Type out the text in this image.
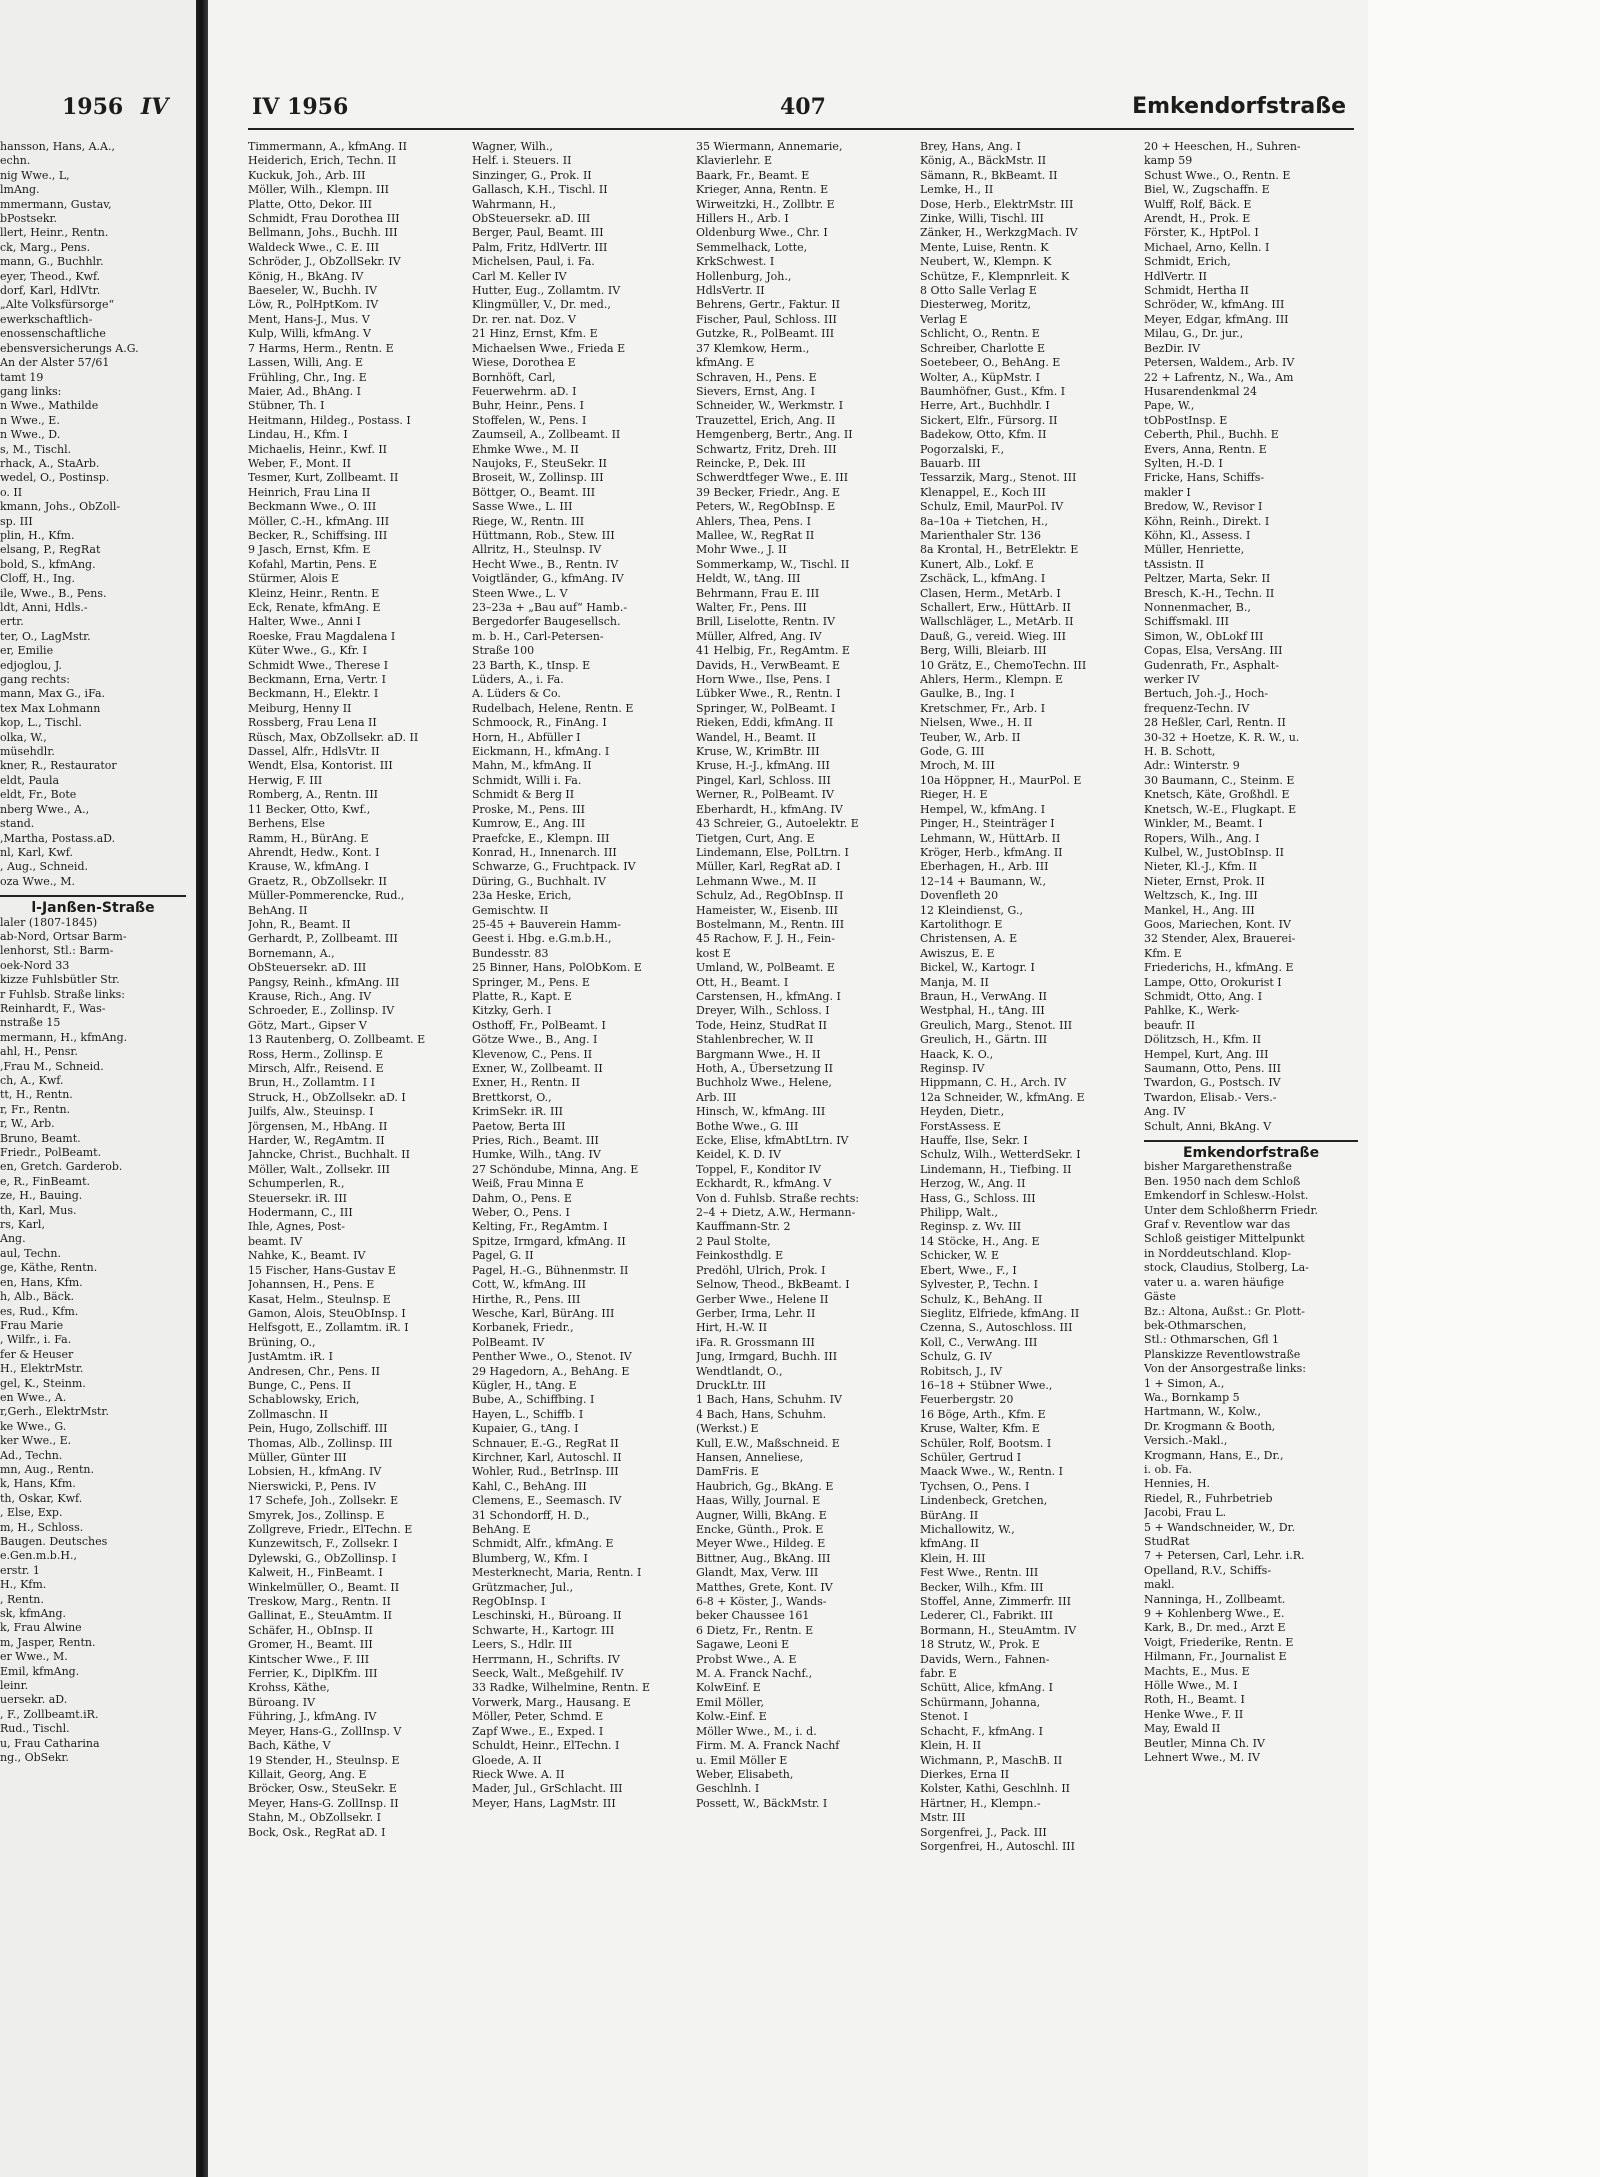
1956 IV
hansson, Hans, A.A.,
echn.
nig Wwe., L,
lmAng.
mmermann, Gustav,
bPostsekr.
llert, Heinr., Rentn.
ck, Marg., Pens.
mann, G., Buchhlr.
eyer, Theod., Kwf.
dorf, Karl, HdlVtr.
„Alte Volksfürsorge“
ewerkschaftlich-
enossenschaftliche
ebensversicherungs A.G.
An der Alster 57/61
tamt 19
gang links:
n Wwe., Mathilde
n Wwe., E.
n Wwe., D.
s, M., Tischl.
rhack, A., StaArb.
wedel, O., Postinsp.
o. II
kmann, Johs., ObZoll-
sp. III
plin, H., Kfm.
elsang, P., RegRat
bold, S., kfmAng.
Cloff, H., Ing.
ile, Wwe., B., Pens.
ldt, Anni, Hdls.-
ertr.
ter, O., LagMstr.
er, Emilie
edjoglou, J.
gang rechts:
mann, Max G., iFa.
tex Max Lohmann
kop, L., Tischl.
olka, W.,
müsehdlr.
kner, R., Restaurator
eldt, Paula
eldt, Fr., Bote
nberg Wwe., A.,
stand.
,Martha, Postass.aD.
nl, Karl, Kwf.
, Aug., Schneid.
oza Wwe., M.
l-Janßen-Straße
laler (1807-1845)
ab-Nord, Ortsar Barm-
lenhorst, Stl.: Barm-
oek-Nord 33
kizze Fuhlsbütler Str.
r Fuhlsb. Straße links:
Reinhardt, F., Was-
nstraße 15
mermann, H., kfmAng.
ahl, H., Pensr.
,Frau M., Schneid.
ch, A., Kwf.
tt, H., Rentn.
r, Fr., Rentn.
r, W., Arb.
Bruno, Beamt.
Friedr., PolBeamt.
en, Gretch. Garderob.
e, R., FinBeamt.
ze, H., Bauing.
th, Karl, Mus.
rs, Karl,
Ang.
aul, Techn.
ge, Käthe, Rentn.
en, Hans, Kfm.
h, Alb., Bäck.
es, Rud., Kfm.
Frau Marie
, Wilfr., i. Fa.
fer & Heuser
H., ElektrMstr.
gel, K., Steinm.
en Wwe., A.
r,Gerh., ElektrMstr.
ke Wwe., G.
ker Wwe., E.
Ad., Techn.
mn, Aug., Rentn.
k, Hans, Kfm.
th, Oskar, Kwf.
, Else, Exp.
m, H., Schloss.
Baugen. Deutsches
e.Gen.m.b.H.,
erstr. 1
H., Kfm.
, Rentn.
sk, kfmAng.
k, Frau Alwine
m, Jasper, Rentn.
er Wwe., M.
Emil, kfmAng.
leinr.
uersekr. aD.
, F., Zollbeamt.iR.
Rud., Tischl.
u, Frau Catharina
ng., ObSekr.
IV 1956	407	Emkendorfstraße
Timmermann, A., kfmAng. II
Heiderich, Erich, Techn. II
Kuckuk, Joh., Arb. III
Möller, Wilh., Klempn. III
Platte, Otto, Dekor. III
Schmidt, Frau Dorothea III
Bellmann, Johs., Buchh. III
Waldeck Wwe., C. E. III
Schröder, J., ObZollSekr. IV
König, H., BkAng. IV
Baeseler, W., Buchh. IV
Löw, R., PolHptKom. IV
Ment, Hans-J., Mus. V
Kulp, Willi, kfmAng. V
7 Harms, Herm., Rentn. E
Lassen, Willi, Ang. E
Frühling, Chr., Ing. E
Maier, Ad., BhAng. I
Stübner, Th. I
Heitmann, Hildeg., Postass. I
Lindau, H., Kfm. I
Michaelis, Heinr., Kwf. II
Weber, F., Mont. II
Tesmer, Kurt, Zollbeamt. II
Heinrich, Frau Lina II
Beckmann Wwe., O. III
Möller, C.-H., kfmAng. III
Becker, R., Schiffsing. III
9 Jasch, Ernst, Kfm. E
Kofahl, Martin, Pens. E
Stürmer, Alois E
Kleinz, Heinr., Rentn. E
Eck, Renate, kfmAng. E
Halter, Wwe., Anni I
Roeske, Frau Magdalena I
Küter Wwe., G., Kfr. I
Schmidt Wwe., Therese I
Beckmann, Erna, Vertr. I
Beckmann, H., Elektr. I
Meiburg, Henny II
Rossberg, Frau Lena II
Rüsch, Max, ObZollsekr. aD. II
Dassel, Alfr., HdlsVtr. II
Wendt, Elsa, Kontorist. III
Herwig, F. III
Romberg, A., Rentn. III
11 Becker, Otto, Kwf.,
Berhens, Else
Ramm, H., BürAng. E
Ahrendt, Hedw., Kont. I
Krause, W., kfmAng. I
Graetz, R., ObZollsekr. II
Müller-Pommerencke, Rud.,
BehAng. II
John, R., Beamt. II
Gerhardt, P., Zollbeamt. III
Bornemann, A.,
ObSteuersekr. aD. III
Pangsy, Reinh., kfmAng. III
Krause, Rich., Ang. IV
Schroeder, E., Zollinsp. IV
Götz, Mart., Gipser V
13 Rautenberg, O. Zollbeamt. E
Ross, Herm., Zollinsp. E
Mirsch, Alfr., Reisend. E
Brun, H., Zollamtm. I I
Struck, H., ObZollsekr. aD. I
Juilfs, Alw., Steuinsp. I
Jörgensen, M., HbAng. II
Harder, W., RegAmtm. II
Jahncke, Christ., Buchhalt. II
Möller, Walt., Zollsekr. III
Schumperlen, R.,
Steuersekr. iR. III
Hodermann, C., III
Ihle, Agnes, Post-
beamt. IV
Nahke, K., Beamt. IV
15 Fischer, Hans-Gustav E
Johannsen, H., Pens. E
Kasat, Helm., Steulnsp. E
Gamon, Alois, SteuObInsp. I
Helfsgott, E., Zollamtm. iR. I
Brüning, O.,
JustAmtm. iR. I
Andresen, Chr., Pens. II
Bunge, C., Pens. II
Schablowsky, Erich,
Zollmaschn. II
Pein, Hugo, Zollschiff. III
Thomas, Alb., Zollinsp. III
Müller, Günter III
Lobsien, H., kfmAng. IV
Nierswicki, P., Pens. IV
17 Schefe, Joh., Zollsekr. E
Smyrek, Jos., Zollinsp. E
Zollgreve, Friedr., ElTechn. E
Kunzewitsch, F., Zollsekr. I
Dylewski, G., ObZollinsp. I
Kalweit, H., FinBeamt. I
Winkelmüller, O., Beamt. II
Treskow, Marg., Rentn. II
Gallinat, E., SteuAmtm. II
Schäfer, H., ObInsp. II
Gromer, H., Beamt. III
Kintscher Wwe., F. III
Ferrier, K., DiplKfm. III
Krohss, Käthe,
Büroang. IV
Führing, J., kfmAng. IV
Meyer, Hans-G., ZollInsp. V
Bach, Käthe, V
19 Stender, H., Steulnsp. E
Killait, Georg, Ang. E
Bröcker, Osw., SteuSekr. E
Meyer, Hans-G. ZollInsp. II
Stahn, M., ObZollsekr. I
Bock, Osk., RegRat aD. I
Wagner, Wilh.,
Helf. i. Steuers. II
Sinzinger, G., Prok. II
Gallasch, K.H., Tischl. II
Wahrmann, H.,
ObSteuersekr. aD. III
Berger, Paul, Beamt. III
Palm, Fritz, HdlVertr. III
Michelsen, Paul, i. Fa.
Carl M. Keller IV
Hutter, Eug., Zollamtm. IV
Klingmüller, V., Dr. med.,
Dr. rer. nat. Doz. V
21 Hinz, Ernst, Kfm. E
Michaelsen Wwe., Frieda E
Wiese, Dorothea E
Bornhöft, Carl,
Feuerwehrm. aD. I
Buhr, Heinr., Pens. I
Stoffelen, W., Pens. I
Zaumseil, A., Zollbeamt. II
Ehmke Wwe., M. II
Naujoks, F., SteuSekr. II
Broseit, W., Zollinsp. III
Böttger, O., Beamt. III
Sasse Wwe., L. III
Riege, W., Rentn. III
Hüttmann, Rob., Stew. III
Allritz, H., Steulnsp. IV
Hecht Wwe., B., Rentn. IV
Voigtländer, G., kfmAng. IV
Steen Wwe., L. V
23–23a + „Bau auf“ Hamb.-
Bergedorfer Baugesellsch.
m. b. H., Carl-Petersen-
Straße 100
23 Barth, K., tInsp. E
Lüders, A., i. Fa.
A. Lüders & Co.
Rudelbach, Helene, Rentn. E
Schmoock, R., FinAng. I
Horn, H., Abfüller I
Eickmann, H., kfmAng. I
Mahn, M., kfmAng. II
Schmidt, Willi i. Fa.
Schmidt & Berg II
Proske, M., Pens. III
Kumrow, E., Ang. III
Praefcke, E., Klempn. III
Konrad, H., Innenarch. III
Schwarze, G., Fruchtpack. IV
Düring, G., Buchhalt. IV
23a Heske, Erich,
Gemischtw. II
25-45 + Bauverein Hamm-
Geest i. Hbg. e.G.m.b.H.,
Bundesstr. 83
25 Binner, Hans, PolObKom. E
Springer, M., Pens. E
Platte, R., Kapt. E
Kitzky, Gerh. I
Osthoff, Fr., PolBeamt. I
Götze Wwe., B., Ang. I
Klevenow, C., Pens. II
Exner, W., Zollbeamt. II
Exner, H., Rentn. II
Brettkorst, O.,
KrimSekr. iR. III
Paetow, Berta III
Pries, Rich., Beamt. III
Humke, Wilh., tAng. IV
27 Schöndube, Minna, Ang. E
Weiß, Frau Minna E
Dahm, O., Pens. E
Weber, O., Pens. I
Kelting, Fr., RegAmtm. I
Spitze, Irmgard, kfmAng. II
Pagel, G. II
Pagel, H.-G., Bühnenmstr. II
Cott, W., kfmAng. III
Hirthe, R., Pens. III
Wesche, Karl, BürAng. III
Korbanek, Friedr.,
PolBeamt. IV
Penther Wwe., O., Stenot. IV
29 Hagedorn, A., BehAng. E
Kügler, H., tAng. E
Bube, A., Schiffbing. I
Hayen, L., Schiffb. I
Kupaier, G., tAng. I
Schnauer, E.-G., RegRat II
Kirchner, Karl, Autoschl. II
Wohler, Rud., BetrInsp. III
Kahl, C., BehAng. III
Clemens, E., Seemasch. IV
31 Schondorff, H. D.,
BehAng. E
Schmidt, Alfr., kfmAng. E
Blumberg, W., Kfm. I
Mesterknecht, Maria, Rentn. I
Grützmacher, Jul.,
RegObInsp. I
Leschinski, H., Büroang. II
Schwarte, H., Kartogr. III
Leers, S., Hdlr. III
Herrmann, H., Schrifts. IV
Seeck, Walt., Meßgehilf. IV
33 Radke, Wilhelmine, Rentn. E
Vorwerk, Marg., Hausang. E
Möller, Peter, Schmd. E
Zapf Wwe., E., Exped. I
Schuldt, Heinr., ElTechn. I
Gloede, A. II
Rieck Wwe. A. II
Mader, Jul., GrSchlacht. III
Meyer, Hans, LagMstr. III
35 Wiermann, Annemarie,
Klavierlehr. E
Baark, Fr., Beamt. E
Krieger, Anna, Rentn. E
Wirweitzki, H., Zollbtr. E
Hillers H., Arb. I
Oldenburg Wwe., Chr. I
Semmelhack, Lotte,
KrkSchwest. I
Hollenburg, Joh.,
HdlsVertr. II
Behrens, Gertr., Faktur. II
Fischer, Paul, Schloss. III
Gutzke, R., PolBeamt. III
37 Klemkow, Herm.,
kfmAng. E
Schraven, H., Pens. E
Sievers, Ernst, Ang. I
Schneider, W., Werkmstr. I
Trauzettel, Erich, Ang. II
Hemgenberg, Bertr., Ang. II
Schwartz, Fritz, Dreh. III
Reincke, P., Dek. III
Schwerdtfeger Wwe., E. III
39 Becker, Friedr., Ang. E
Peters, W., RegObInsp. E
Ahlers, Thea, Pens. I
Mallee, W., RegRat II
Mohr Wwe., J. II
Sommerkamp, W., Tischl. II
Heldt, W., tAng. III
Behrmann, Frau E. III
Walter, Fr., Pens. III
Brill, Liselotte, Rentn. IV
Müller, Alfred, Ang. IV
41 Helbig, Fr., RegAmtm. E
Davids, H., VerwBeamt. E
Horn Wwe., Ilse, Pens. I
Lübker Wwe., R., Rentn. I
Springer, W., PolBeamt. I
Rieken, Eddi, kfmAng. II
Wandel, H., Beamt. II
Kruse, W., KrimBtr. III
Kruse, H.-J., kfmAng. III
Pingel, Karl, Schloss. III
Werner, R., PolBeamt. IV
Eberhardt, H., kfmAng. IV
43 Schreier, G., Autoelektr. E
Tietgen, Curt, Ang. E
Lindemann, Else, PolLtrn. I
Müller, Karl, RegRat aD. I
Lehmann Wwe., M. II
Schulz, Ad., RegObInsp. II
Hameister, W., Eisenb. III
Bostelmann, M., Rentn. III
45 Rachow, F. J. H., Fein-
kost E
Umland, W., PolBeamt. E
Ott, H., Beamt. I
Carstensen, H., kfmAng. I
Dreyer, Wilh., Schloss. I
Tode, Heinz, StudRat II
Stahlenbrecher, W. II
Bargmann Wwe., H. II
Hoth, A., Übersetzung II
Buchholz Wwe., Helene,
Arb. III
Hinsch, W., kfmAng. III
Bothe Wwe., G. III
Ecke, Elise, kfmAbtLtrn. IV
Keidel, K. D. IV
Toppel, F., Konditor IV
Eckhardt, R., kfmAng. V
Von d. Fuhlsb. Straße rechts:
2–4 + Dietz, A.W., Hermann-
Kauffmann-Str. 2
2 Paul Stolte,
Feinkosthdlg. E
Predöhl, Ulrich, Prok. I
Selnow, Theod., BkBeamt. I
Gerber Wwe., Helene II
Gerber, Irma, Lehr. II
Hirt, H.-W. II
iFa. R. Grossmann III
Jung, Irmgard, Buchh. III
Wendtlandt, O.,
DruckLtr. III
1 Bach, Hans, Schuhm. IV
4 Bach, Hans, Schuhm.
(Werkst.) E
Kull, E.W., Maßschneid. E
Hansen, Anneliese,
DamFris. E
Haubrich, Gg., BkAng. E
Haas, Willy, Journal. E
Augner, Willi, BkAng. E
Encke, Günth., Prok. E
Meyer Wwe., Hildeg. E
Bittner, Aug., BkAng. III
Glandt, Max, Verw. III
Matthes, Grete, Kont. IV
6-8 + Köster, J., Wands-
beker Chaussee 161
6 Dietz, Fr., Rentn. E
Sagawe, Leoni E
Probst Wwe., A. E
M. A. Franck Nachf.,
KolwEinf. E
Emil Möller,
Kolw.-Einf. E
Möller Wwe., M., i. d.
Firm. M. A. Franck Nachf
u. Emil Möller E
Weber, Elisabeth,
Geschlnh. I
Possett, W., BäckMstr. I
Brey, Hans, Ang. I
König, A., BäckMstr. II
Sämann, R., BkBeamt. II
Lemke, H., II
Dose, Herb., ElektrMstr. III
Zinke, Willi, Tischl. III
Zänker, H., WerkzgMach. IV
Mente, Luise, Rentn. K
Neubert, W., Klempn. K
Schütze, F., Klempnrleit. K
8 Otto Salle Verlag E
Diesterweg, Moritz,
Verlag E
Schlicht, O., Rentn. E
Schreiber, Charlotte E
Soetebeer, O., BehAng. E
Wolter, A., KüpMstr. I
Baumhöfner, Gust., Kfm. I
Herre, Art., Buchhdlr. I
Sickert, Elfr., Fürsorg. II
Badekow, Otto, Kfm. II
Pogorzalski, F.,
Bauarb. III
Tessarzik, Marg., Stenot. III
Klenappel, E., Koch III
Schulz, Emil, MaurPol. IV
8a–10a + Tietchen, H.,
Marienthaler Str. 136
8a Krontal, H., BetrElektr. E
Kunert, Alb., Lokf. E
Zschäck, L., kfmAng. I
Clasen, Herm., MetArb. I
Schallert, Erw., HüttArb. II
Wallschläger, L., MetArb. II
Dauß, G., vereid. Wieg. III
Berg, Willi, Bleiarb. III
10 Grätz, E., ChemoTechn. III
Ahlers, Herm., Klempn. E
Gaulke, B., Ing. I
Kretschmer, Fr., Arb. I
Nielsen, Wwe., H. II
Teuber, W., Arb. II
Gode, G. III
Mroch, M. III
10a Höppner, H., MaurPol. E
Rieger, H. E
Hempel, W., kfmAng. I
Pinger, H., Steinträger I
Lehmann, W., HüttArb. II
Kröger, Herb., kfmAng. II
Eberhagen, H., Arb. III
12–14 + Baumann, W.,
Dovenfleth 20
12 Kleindienst, G.,
Kartolithogr. E
Christensen, A. E
Awiszus, E. E
Bickel, W., Kartogr. I
Manja, M. II
Braun, H., VerwAng. II
Westphal, H., tAng. III
Greulich, Marg., Stenot. III
Greulich, H., Gärtn. III
Haack, K. O.,
Reginsp. IV
Hippmann, C. H., Arch. IV
12a Schneider, W., kfmAng. E
Heyden, Dietr.,
ForstAssess. E
Hauffe, Ilse, Sekr. I
Schulz, Wilh., WetterdSekr. I
Lindemann, H., Tiefbing. II
Herzog, W., Ang. II
Hass, G., Schloss. III
Philipp, Walt.,
Reginsp. z. Wv. III
14 Stöcke, H., Ang. E
Schicker, W. E
Ebert, Wwe., F., I
Sylvester, P., Techn. I
Schulz, K., BehAng. II
Sieglitz, Elfriede, kfmAng. II
Czenna, S., Autoschloss. III
Koll, C., VerwAng. III
Schulz, G. IV
Robitsch, J., IV
16–18 + Stübner Wwe.,
Feuerbergstr. 20
16 Böge, Arth., Kfm. E
Kruse, Walter, Kfm. E
Schüler, Rolf, Bootsm. I
Schüler, Gertrud I
Maack Wwe., W., Rentn. I
Tychsen, O., Pens. I
Lindenbeck, Gretchen,
BürAng. II
Michallowitz, W.,
kfmAng. II
Klein, H. III
Fest Wwe., Rentn. III
Becker, Wilh., Kfm. III
Stoffel, Anne, Zimmerfr. III
Lederer, Cl., Fabrikt. III
Bormann, H., SteuAmtm. IV
18 Strutz, W., Prok. E
Davids, Wern., Fahnen-
fabr. E
Schütt, Alice, kfmAng. I
Schürmann, Johanna,
Stenot. I
Schacht, F., kfmAng. I
Klein, H. II
Wichmann, P., MaschB. II
Dierkes, Erna II
Kolster, Kathi, Geschlnh. II
Härtner, H., Klempn.-
Mstr. III
Sorgenfrei, J., Pack. III
Sorgenfrei, H., Autoschl. III
20 + Heeschen, H., Suhren-
kamp 59
Schust Wwe., O., Rentn. E
Biel, W., Zugschaffn. E
Wulff, Rolf, Bäck. E
Arendt, H., Prok. E
Förster, K., HptPol. I
Michael, Arno, Kelln. I
Schmidt, Erich,
HdlVertr. II
Schmidt, Hertha II
Schröder, W., kfmAng. III
Meyer, Edgar, kfmAng. III
Milau, G., Dr. jur.,
BezDir. IV
Petersen, Waldem., Arb. IV
22 + Lafrentz, N., Wa., Am
Husarendenkmal 24
Pape, W.,
tObPostInsp. E
Ceberth, Phil., Buchh. E
Evers, Anna, Rentn. E
Sylten, H.-D. I
Fricke, Hans, Schiffs-
makler I
Bredow, W., Revisor I
Köhn, Reinh., Direkt. I
Köhn, Kl., Assess. I
Müller, Henriette,
tAssistn. II
Peltzer, Marta, Sekr. II
Bresch, K.-H., Techn. II
Nonnenmacher, B.,
Schiffsmakl. III
Simon, W., ObLokf III
Copas, Elsa, VersAng. III
Gudenrath, Fr., Asphalt-
werker IV
Bertuch, Joh.-J., Hoch-
frequenz-Techn. IV
28 Heßler, Carl, Rentn. II
30-32 + Hoetze, K. R. W., u.
H. B. Schott,
Adr.: Winterstr. 9
30 Baumann, C., Steinm. E
Knetsch, Käte, Großhdl. E
Knetsch, W.-E., Flugkapt. E
Winkler, M., Beamt. I
Ropers, Wilh., Ang. I
Kulbel, W., JustObInsp. II
Nieter, Kl.-J., Kfm. II
Nieter, Ernst, Prok. II
Weltzsch, K., Ing. III
Mankel, H., Ang. III
Goos, Mariechen, Kont. IV
32 Stender, Alex, Brauerei-
Kfm. E
Friederichs, H., kfmAng. E
Lampe, Otto, Orokurist I
Schmidt, Otto, Ang. I
Pahlke, K., Werk-
beaufr. II
Dölitzsch, H., Kfm. II
Hempel, Kurt, Ang. III
Saumann, Otto, Pens. III
Twardon, G., Postsch. IV
Twardon, Elisab.- Vers.-
Ang. IV
Schult, Anni, BkAng. V
Emkendorfstraße
bisher Margarethenstraße
Ben. 1950 nach dem Schloß
Emkendorf in Schlesw.-Holst.
Unter dem Schloßherrn Friedr.
Graf v. Reventlow war das
Schloß geistiger Mittelpunkt
in Norddeutschland. Klop-
stock, Claudius, Stolberg, La-
vater u. a. waren häufige
Gäste
Bz.: Altona, Außst.: Gr. Plott-
bek-Othmarschen,
Stl.: Othmarschen, Gfl 1
Planskizze Reventlowstraße
Von der Ansorgestraße links:
1 + Simon, A.,
Wa., Bornkamp 5
Hartmann, W., Kolw.,
Dr. Krogmann & Booth,
Versich.-Makl.,
Krogmann, Hans, E., Dr.,
i. ob. Fa.
Hennies, H.
Riedel, R., Fuhrbetrieb
Jacobi, Frau L.
5 + Wandschneider, W., Dr.
StudRat
7 + Petersen, Carl, Lehr. i.R.
Opelland, R.V., Schiffs-
makl.
Nanninga, H., Zollbeamt.
9 + Kohlenberg Wwe., E.
Kark, B., Dr. med., Arzt E
Voigt, Friederike, Rentn. E
Hilmann, Fr., Journalist E
Machts, E., Mus. E
Hölle Wwe., M. I
Roth, H., Beamt. I
Henke Wwe., F. II
May, Ewald II
Beutler, Minna Ch. IV
Lehnert Wwe., M. IV
